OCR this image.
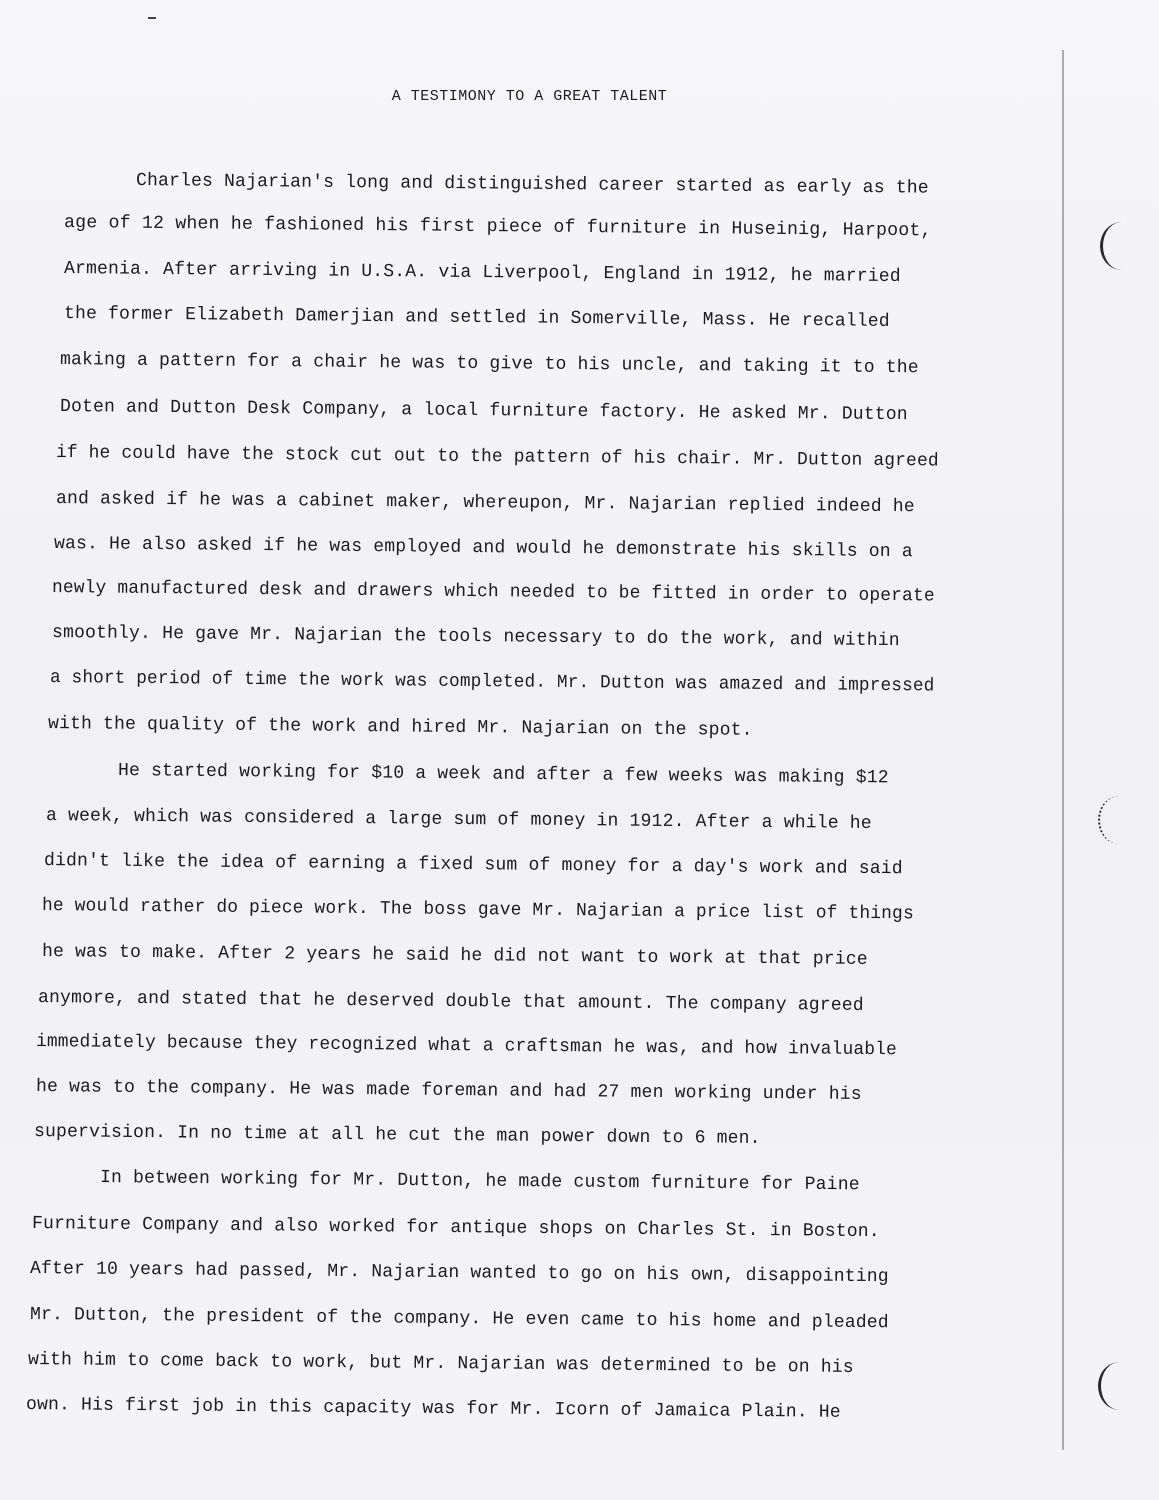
A TESTIMONY TO A GREAT TALENT
Charles Najarian's long and distinguished career started as early as the
age of 12 when he fashioned his first piece of furniture in Huseinig, Harpoot,
Armenia. After arriving in U.S.A. via Liverpool, England in 1912, he married
the former Elizabeth Damerjian and settled in Somerville, Mass. He recalled
making a pattern for a chair he was to give to his uncle, and taking it to the
Doten and Dutton Desk Company, a local furniture factory. He asked Mr. Dutton
if he could have the stock cut out to the pattern of his chair. Mr. Dutton agreed
and asked if he was a cabinet maker, whereupon, Mr. Najarian replied indeed he
was. He also asked if he was employed and would he demonstrate his skills on a
newly manufactured desk and drawers which needed to be fitted in order to operate
smoothly. He gave Mr. Najarian the tools necessary to do the work, and within
a short period of time the work was completed. Mr. Dutton was amazed and impressed
with the quality of the work and hired Mr. Najarian on the spot.
He started working for $10 a week and after a few weeks was making $12
a week, which was considered a large sum of money in 1912. After a while he
didn't like the idea of earning a fixed sum of money for a day's work and said
he would rather do piece work. The boss gave Mr. Najarian a price list of things
he was to make. After 2 years he said he did not want to work at that price
anymore, and stated that he deserved double that amount. The company agreed
immediately because they recognized what a craftsman he was, and how invaluable
he was to the company. He was made foreman and had 27 men working under his
supervision. In no time at all he cut the man power down to 6 men.
In between working for Mr. Dutton, he made custom furniture for Paine
Furniture Company and also worked for antique shops on Charles St. in Boston.
After 10 years had passed, Mr. Najarian wanted to go on his own, disappointing
Mr. Dutton, the president of the company. He even came to his home and pleaded
with him to come back to work, but Mr. Najarian was determined to be on his
own. His first job in this capacity was for Mr. Icorn of Jamaica Plain. He
